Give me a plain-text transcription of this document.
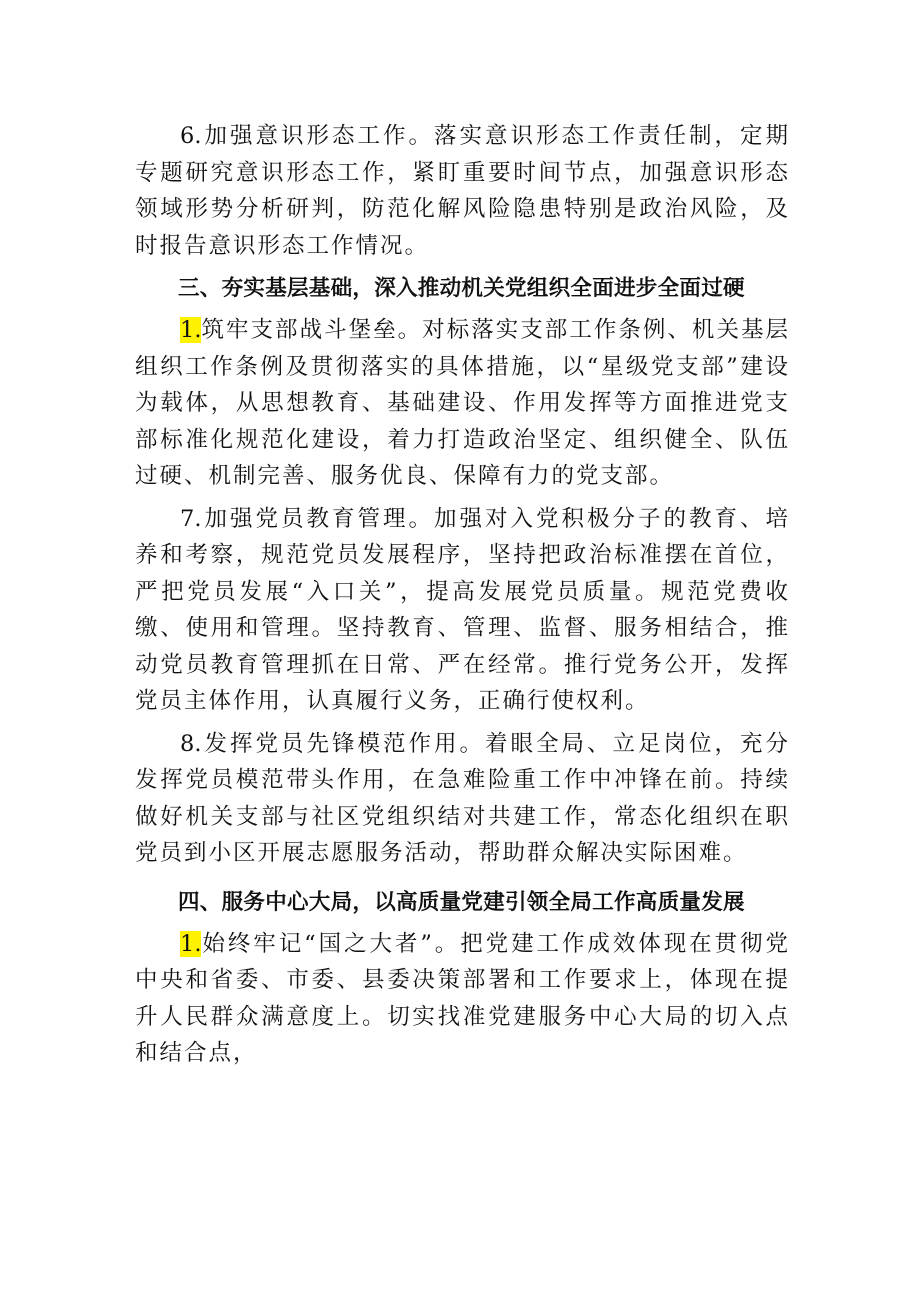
6.加强意识形态工作。落实意识形态工作责任制，定期专题研究意识形态工作，紧盯重要时间节点，加强意识形态领域形势分析研判，防范化解风险隐患特别是政治风险，及时报告意识形态工作情况。

三、夯实基层基础，深入推动机关党组织全面进步全面过硬

1.筑牢支部战斗堡垒。对标落实支部工作条例、机关基层组织工作条例及贯彻落实的具体措施，以“星级党支部”建设为载体，从思想教育、基础建设、作用发挥等方面推进党支部标准化规范化建设，着力打造政治坚定、组织健全、队伍过硬、机制完善、服务优良、保障有力的党支部。

7.加强党员教育管理。加强对入党积极分子的教育、培养和考察，规范党员发展程序，坚持把政治标准摆在首位，严把党员发展“入口关”，提高发展党员质量。规范党费收缴、使用和管理。坚持教育、管理、监督、服务相结合，推动党员教育管理抓在日常、严在经常。推行党务公开，发挥党员主体作用，认真履行义务，正确行使权利。

8.发挥党员先锋模范作用。着眼全局、立足岗位，充分发挥党员模范带头作用，在急难险重工作中冲锋在前。持续做好机关支部与社区党组织结对共建工作，常态化组织在职党员到小区开展志愿服务活动，帮助群众解决实际困难。

四、服务中心大局，以高质量党建引领全局工作高质量发展

1.始终牢记“国之大者”。把党建工作成效体现在贯彻党中央和省委、市委、县委决策部署和工作要求上，体现在提升人民群众满意度上。切实找准党建服务中心大局的切入点和结合点，
